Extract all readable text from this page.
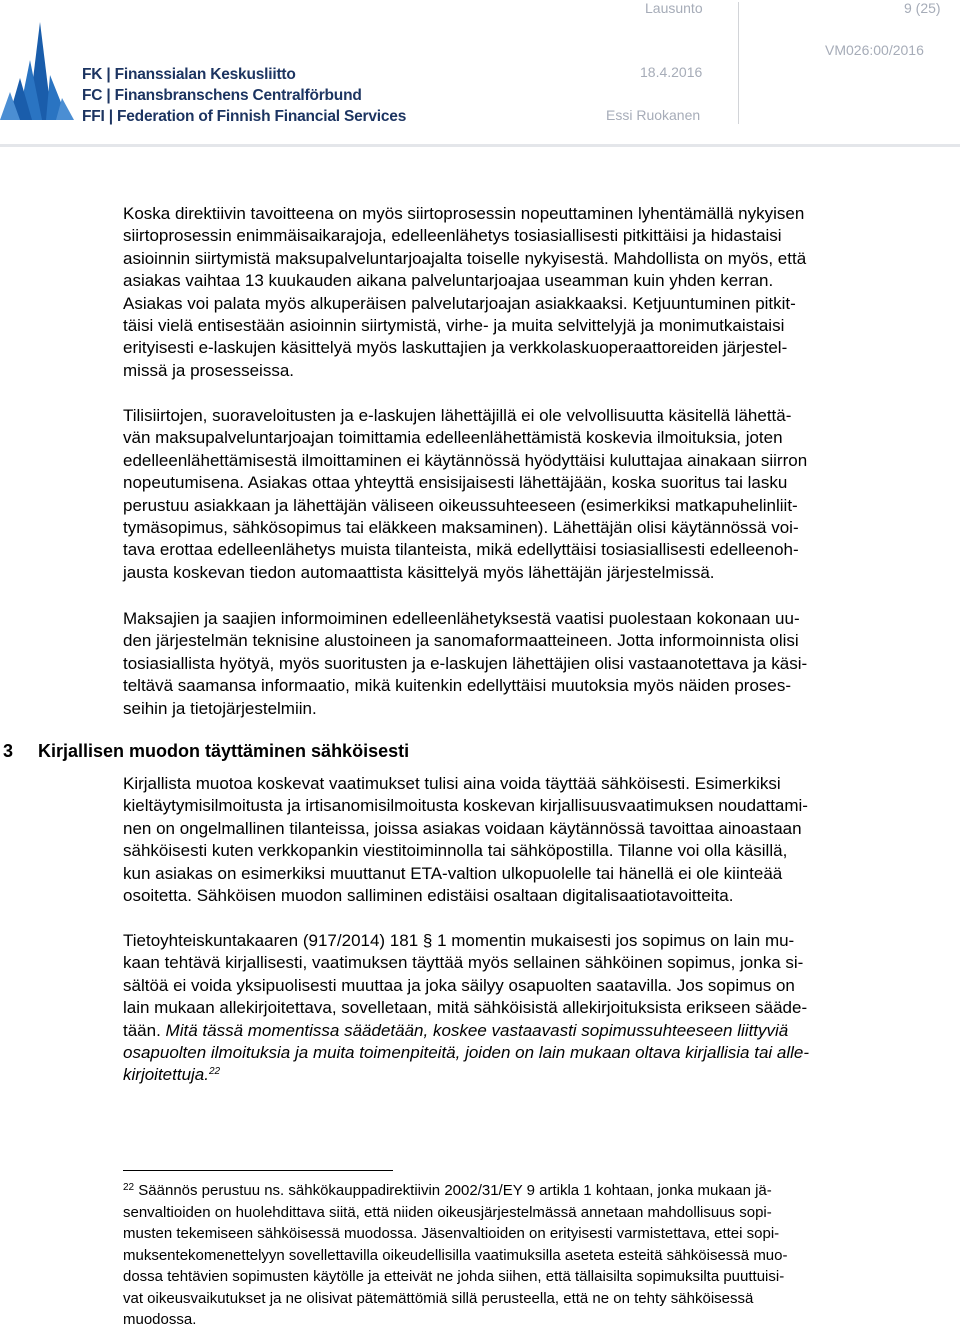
FK | Finanssialan Keskusliitto
FC | Finansbranschens Centralförbund
FFI | Federation of Finnish Financial Services
Lausunto
18.4.2016
Essi Ruokanen
9 (25)
VM026:00/2016

Koska direktiivin tavoitteena on myös siirtoprosessin nopeuttaminen lyhentämällä nykyisen
siirtoprosessin enimmäisaikarajoja, edelleenlähetys tosiasiallisesti pitkittäisi ja hidastaisi
asioinnin siirtymistä maksupalveluntarjoajalta toiselle nykyisestä. Mahdollista on myös, että
asiakas vaihtaa 13 kuukauden aikana palveluntarjoajaa useamman kuin yhden kerran.
Asiakas voi palata myös alkuperäisen palvelutarjoajan asiakkaaksi. Ketjuuntuminen pitkit-
täisi vielä entisestään asioinnin siirtymistä, virhe- ja muita selvittelyjä ja monimutkaistaisi
erityisesti e-laskujen käsittelyä myös laskuttajien ja verkkolaskuoperaattoreiden järjestel-
missä ja prosesseissa.

Tilisiirtojen, suoraveloitusten ja e-laskujen lähettäjillä ei ole velvollisuutta käsitellä lähettä-
vän maksupalveluntarjoajan toimittamia edelleenlähettämistä koskevia ilmoituksia, joten
edelleenlähettämisestä ilmoittaminen ei käytännössä hyödyttäisi kuluttajaa ainakaan siirron
nopeutumisena. Asiakas ottaa yhteyttä ensisijaisesti lähettäjään, koska suoritus tai lasku
perustuu asiakkaan ja lähettäjän väliseen oikeussuhteeseen (esimerkiksi matkapuhelinliit-
tymäsopimus, sähkösopimus tai eläkkeen maksaminen). Lähettäjän olisi käytännössä voi-
tava erottaa edelleenlähetys muista tilanteista, mikä edellyttäisi tosiasiallisesti edelleenoh-
jausta koskevan tiedon automaattista käsittelyä myös lähettäjän järjestelmissä.

Maksajien ja saajien informoiminen edelleenlähetyksestä vaatisi puolestaan kokonaan uu-
den järjestelmän teknisine alustoineen ja sanomaformaatteineen. Jotta informoinnista olisi
tosiasiallista hyötyä, myös suoritusten ja e-laskujen lähettäjien olisi vastaanotettava ja käsi-
teltävä saamansa informaatio, mikä kuitenkin edellyttäisi muutoksia myös näiden proses-
seihin ja tietojärjestelmiin.

3 Kirjallisen muodon täyttäminen sähköisesti

Kirjallista muotoa koskevat vaatimukset tulisi aina voida täyttää sähköisesti. Esimerkiksi
kieltäytymisilmoitusta ja irtisanomisilmoitusta koskevan kirjallisuusvaatimuksen noudattami-
nen on ongelmallinen tilanteissa, joissa asiakas voidaan käytännössä tavoittaa ainoastaan
sähköisesti kuten verkkopankin viestitoiminnolla tai sähköpostilla. Tilanne voi olla käsillä,
kun asiakas on esimerkiksi muuttanut ETA-valtion ulkopuolelle tai hänellä ei ole kiinteää
osoitetta. Sähköisen muodon salliminen edistäisi osaltaan digitalisaatiotavoitteita.

Tietoyhteiskuntakaaren (917/2014) 181 § 1 momentin mukaisesti jos sopimus on lain mu-
kaan tehtävä kirjallisesti, vaatimuksen täyttää myös sellainen sähköinen sopimus, jonka si-
sältöä ei voida yksipuolisesti muuttaa ja joka säilyy osapuolten saatavilla. Jos sopimus on
lain mukaan allekirjoitettava, sovelletaan, mitä sähköisistä allekirjoituksista erikseen sääde-
tään. Mitä tässä momentissa säädetään, koskee vastaavasti sopimussuhteeseen liittyviä
osapuolten ilmoituksia ja muita toimenpiteitä, joiden on lain mukaan oltava kirjallisia tai alle-
kirjoitettuja.$^{22}$

$^{22}$ Säännös perustuu ns. sähkökauppadirektiivin 2002/31/EY 9 artikla 1 kohtaan, jonka mukaan jä-
senvaltioiden on huolehdittava siitä, että niiden oikeusjärjestelmässä annetaan mahdollisuus sopi-
musten tekemiseen sähköisessä muodossa. Jäsenvaltioiden on erityisesti varmistettava, ettei sopi-
muksentekomenettelyyn sovellettavilla oikeudellisilla vaatimuksilla aseteta esteitä sähköisessä muo-
dossa tehtävien sopimusten käytölle ja etteivät ne johda siihen, että tällaisilta sopimuksilta puuttuisi-
vat oikeusvaikutukset ja ne olisivat pätemättömiä sillä perusteella, että ne on tehty sähköisessä
muodossa.
